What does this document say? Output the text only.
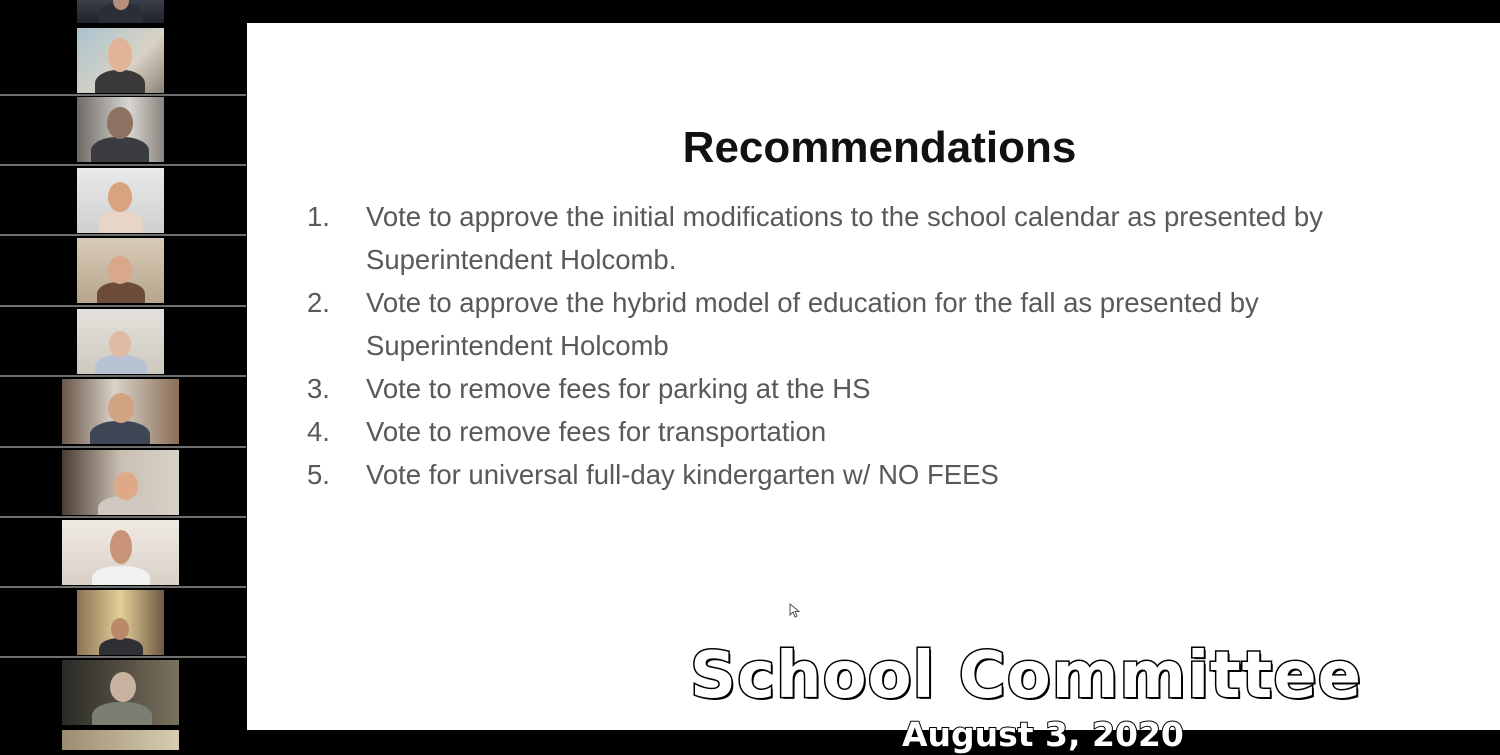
Recommendations
1. Vote to approve the initial modifications to the school calendar as presented by Superintendent Holcomb.
2. Vote to approve the hybrid model of education for the fall as presented by Superintendent Holcomb
3. Vote to remove fees for parking at the HS
4. Vote to remove fees for transportation
5. Vote for universal full-day kindergarten w/ NO FEES
School Committee
August 3, 2020
